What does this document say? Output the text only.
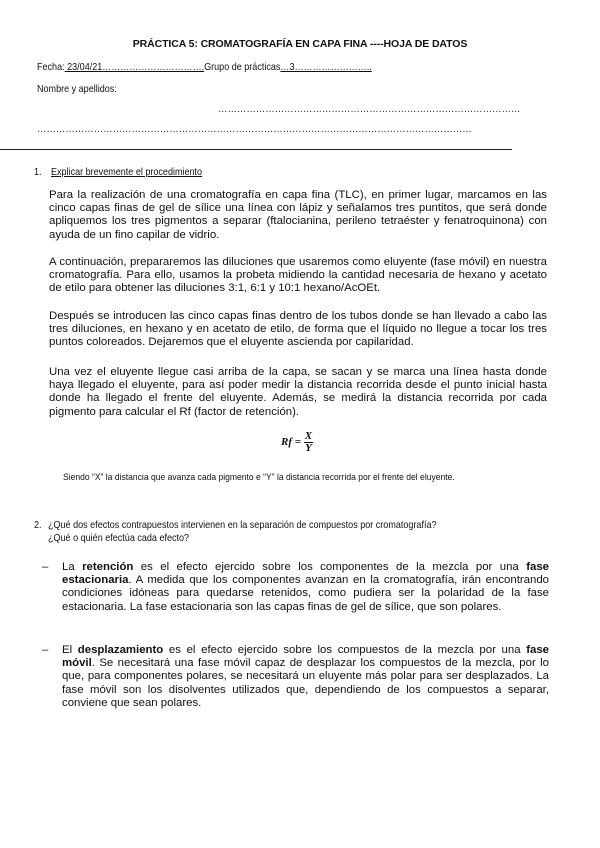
PRÁCTICA 5: CROMATOGRAFÍA EN CAPA FINA ----HOJA DE DATOS
Fecha: 23/04/21…………………………….Grupo de prácticas…3……………………..
Nombre y apellidos:
……………………………………………………………………………………
…………………………………………………………………………………………………………………………
1. Explicar brevemente el procedimiento
Para la realización de una cromatografía en capa fina (TLC), en primer lugar, marcamos en las cinco capas finas de gel de sílice una línea con lápiz y señalamos tres puntitos, que será donde apliquemos los tres pigmentos a separar (ftalocianina, perileno tetraéster y fenatroquinona) con ayuda de un fino capilar de vidrio.
A continuación, prepararemos las diluciones que usaremos como eluyente (fase móvil) en nuestra cromatografía. Para ello, usamos la probeta midiendo la cantidad necesaria de hexano y acetato de etilo para obtener las diluciones 3:1, 6:1 y 10:1 hexano/AcOEt.
Después se introducen las cinco capas finas dentro de los tubos donde se han llevado a cabo las tres diluciones, en hexano y en acetato de etilo, de forma que el líquido no llegue a tocar los tres puntos coloreados. Dejaremos que el eluyente ascienda por capilaridad.
Una vez el eluyente llegue casi arriba de la capa, se sacan y se marca una línea hasta donde haya llegado el eluyente, para así poder medir la distancia recorrida desde el punto inicial hasta donde ha llegado el frente del eluyente. Además, se medirá la distancia recorrida por cada pigmento para calcular el Rf (factor de retención).
$Rf = \frac{X}{Y}$
Siendo “X” la distancia que avanza cada pigmento e “Y” la distancia recorrida por el frente del eluyente.
2. ¿Qué dos efectos contrapuestos intervienen en la separación de compuestos por cromatografía?
¿Qué o quién efectúa cada efecto?
– La retención es el efecto ejercido sobre los componentes de la mezcla por una fase estacionaria. A medida que los componentes avanzan en la cromatografía, irán encontrando condiciones idóneas para quedarse retenidos, como pudiera ser la polaridad de la fase estacionaria. La fase estacionaria son las capas finas de gel de sílice, que son polares.
– El desplazamiento es el efecto ejercido sobre los compuestos de la mezcla por una fase móvil. Se necesitará una fase móvil capaz de desplazar los compuestos de la mezcla, por lo que, para componentes polares, se necesitará un eluyente más polar para ser desplazados. La fase móvil son los disolventes utilizados que, dependiendo de los compuestos a separar, conviene que sean polares.
